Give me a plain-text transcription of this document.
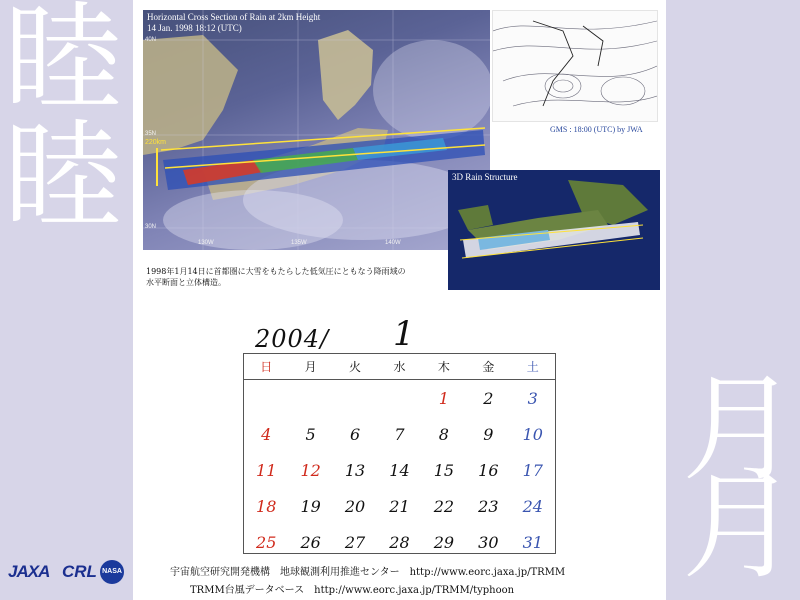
睦
睦
月
月
Horizontal Cross Section of Rain at 2km Height
14 Jan. 1998 18:12 (UTC)
40N
35N
30N
130W	135W	140W
220km
GMS : 18:00 (UTC) by JWA
3D Rain Structure
1998年1月14日に首都圏に大雪をもたらした低気圧にともなう降雨域の
水平断面と立体構造。
2004/ 1
日	月	火	水	木	金	土
				1	2	3
4	5	6	7	8	9	10
11	12	13	14	15	16	17
18	19	20	21	22	23	24
25	26	27	28	29	30	31
宇宙航空研究開発機構　地球観測利用推進センター　http://www.eorc.jaxa.jp/TRMM
TRMM台風データベース　http://www.eorc.jaxa.jp/TRMM/typhoon
JAXA CRL NASA
